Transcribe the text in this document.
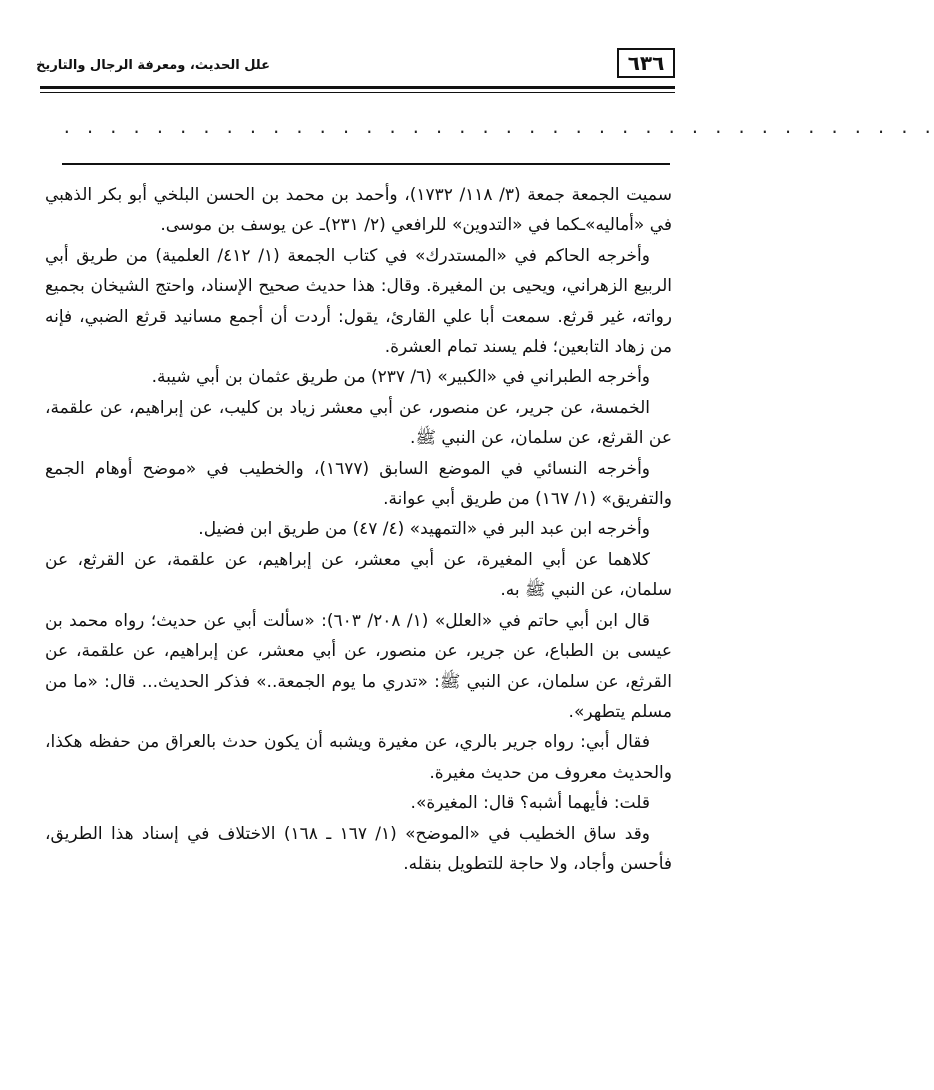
٦٣٦
علل الحديث، ومعرفة الرجال والتاريخ
. . . . . . . . . . . . . . . . . . . . . . . . . . . . . . . . . . . . . .

سميت الجمعة جمعة (٣/ ١١٨/ ١٧٣٢)، وأحمد بن محمد بن الحسن البلخي أبو بكر الذهبي في «أماليه»ـكما في «التدوين» للرافعي (٢/ ٢٣١)ـ عن يوسف بن موسى.

وأخرجه الحاكم في «المستدرك» في كتاب الجمعة (١/ ٤١٢/ العلمية) من طريق أبي الربيع الزهراني، ويحيى بن المغيرة. وقال: هذا حديث صحيح الإسناد، واحتج الشيخان بجميع رواته، غير قرثع. سمعت أبا علي القارئ، يقول: أردت أن أجمع مسانيد قرثع الضبي، فإنه من زهاد التابعين؛ فلم يسند تمام العشرة.

وأخرجه الطبراني في «الكبير» (٦/ ٢٣٧) من طريق عثمان بن أبي شيبة.

الخمسة، عن جرير، عن منصور، عن أبي معشر زياد بن كليب، عن إبراهيم، عن علقمة، عن القرثع، عن سلمان، عن النبي ﷺ.

وأخرجه النسائي في الموضع السابق (١٦٧٧)، والخطيب في «موضح أوهام الجمع والتفريق» (١/ ١٦٧) من طريق أبي عوانة.

وأخرجه ابن عبد البر في «التمهيد» (٤/ ٤٧) من طريق ابن فضيل.

كلاهما عن أبي المغيرة، عن أبي معشر، عن إبراهيم، عن علقمة، عن القرثع، عن سلمان، عن النبي ﷺ به.

قال ابن أبي حاتم في «العلل» (١/ ٢٠٨/ ٦٠٣): «سألت أبي عن حديث؛ رواه محمد بن عيسى بن الطباع، عن جرير، عن منصور، عن أبي معشر، عن إبراهيم، عن علقمة، عن القرثع، عن سلمان، عن النبي ﷺ: «تدري ما يوم الجمعة..» فذكر الحديث... قال: «ما من مسلم يتطهر».

فقال أبي: رواه جرير بالري، عن مغيرة ويشبه أن يكون حدث بالعراق من حفظه هكذا، والحديث معروف من حديث مغيرة.

قلت: فأيهما أشبه؟ قال: المغيرة».

وقد ساق الخطيب في «الموضح» (١/ ١٦٧ ـ ١٦٨) الاختلاف في إسناد هذا الطريق، فأحسن وأجاد، ولا حاجة للتطويل بنقله.
